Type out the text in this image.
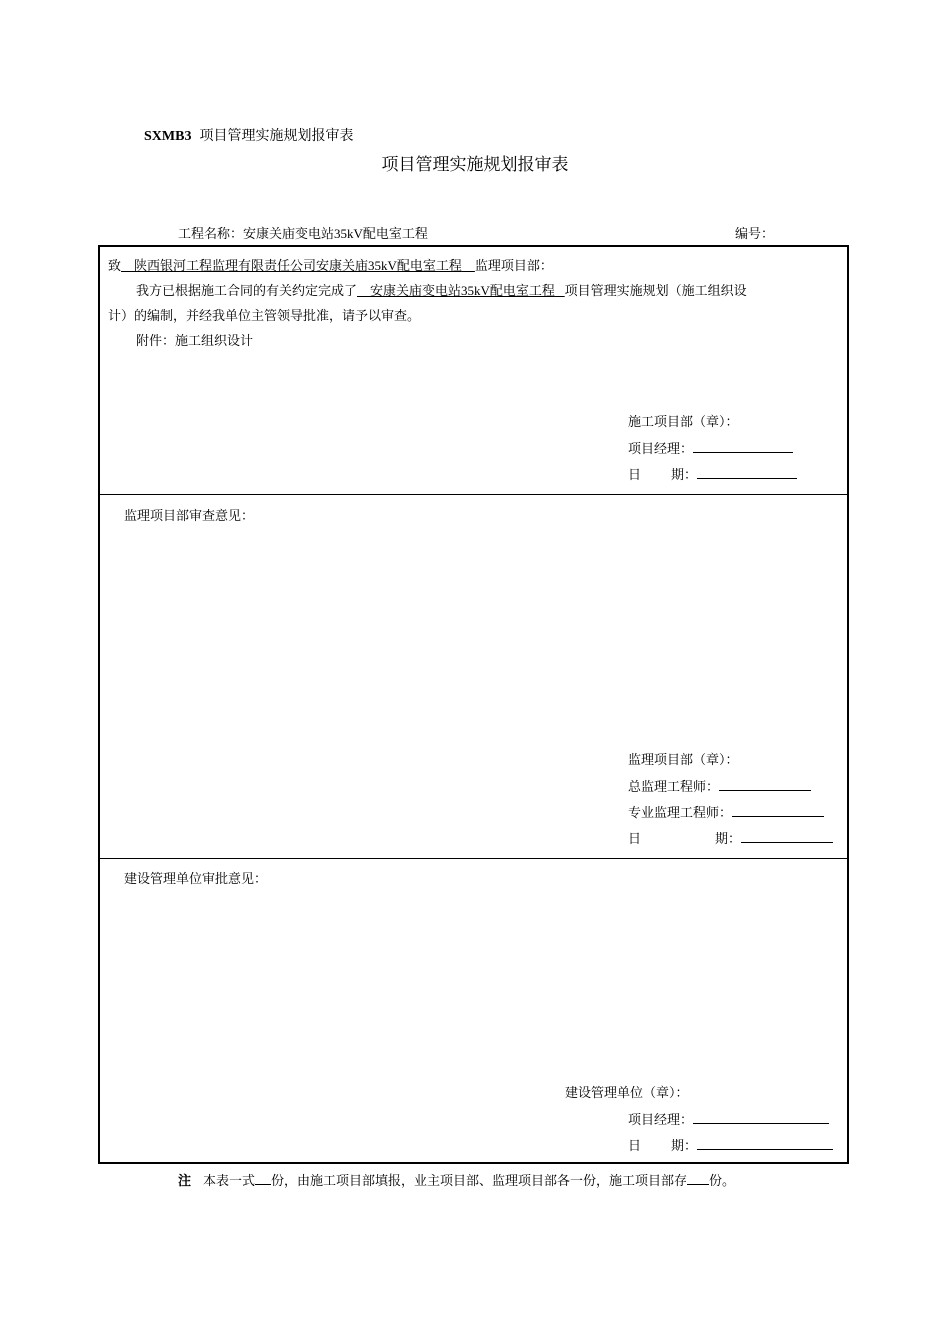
SXMB3 项目管理实施规划报审表
项目管理实施规划报审表
工程名称：安康关庙变电站35kV配电室工程	编号：
致 陕西银河工程监理有限责任公司安康关庙35kV配电室工程 监理项目部：
我方已根据施工合同的有关约定完成了 安康关庙变电站35kV配电室工程 项目管理实施规划（施工组织设
计）的编制，并经我单位主管领导批准，请予以审查。
附件：施工组织设计
施工项目部（章）：
项目经理：
日 期：
监理项目部审查意见：
监理项目部（章）：
总监理工程师：
专业监理工程师：
日	期：
建设管理单位审批意见：
建设管理单位（章）：
项目经理：
日 期：
注 本表一式 份，由施工项目部填报，业主项目部、监理项目部各一份，施工项目部存 份。
